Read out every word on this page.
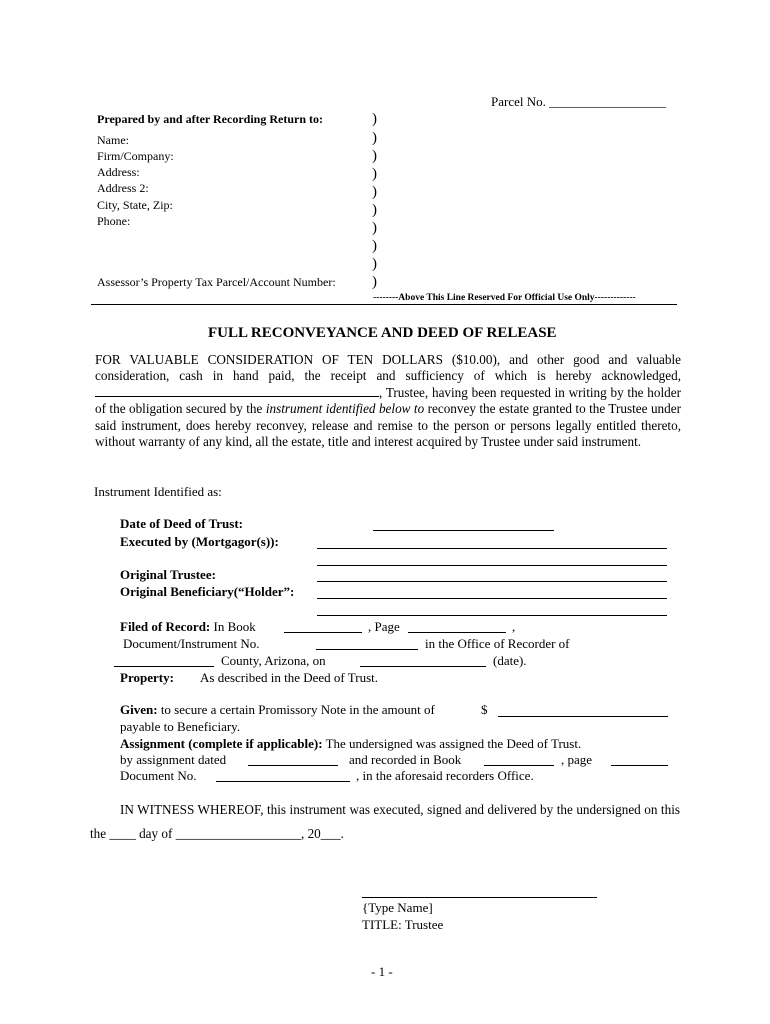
Parcel No. __________________
Prepared by and after Recording Return to:
Name:
Firm/Company:
Address:
Address 2:
City, State, Zip:
Phone:
Assessor’s Property Tax Parcel/Account Number:
)
)
)
)
)
)
)
)
)
)
--------Above This Line Reserved For Official Use Only-------------
FULL RECONVEYANCE AND DEED OF RELEASE
FOR VALUABLE CONSIDERATION OF TEN DOLLARS ($10.00), and other good and valuable consideration, cash in hand paid, the receipt and sufficiency of which is hereby acknowledged, , Trustee, having been requested in writing by the holder of the obligation secured by the instrument identified below to reconvey the estate granted to the Trustee under said instrument, does hereby reconvey, release and remise to the person or persons legally entitled thereto, without warranty of any kind, all the estate, title and interest acquired by Trustee under said instrument.
Instrument Identified as:
Date of Deed of Trust:
Executed by (Mortgagor(s)):
Original Trustee:
Original Beneficiary(“Holder”:
Filed of Record: In Book	, Page	,
Document/Instrument No.	in the Office of Recorder of
County, Arizona, on	(date).
Property: As described in the Deed of Trust.
Given: to secure a certain Promissory Note in the amount of	$
payable to Beneficiary.
Assignment (complete if applicable): The undersigned was assigned the Deed of Trust.
by assignment dated	and recorded in Book	, page
Document No.	, in the aforesaid recorders Office.
IN WITNESS WHEREOF, this instrument was executed, signed and delivered by the undersigned on this the ____ day of ___________________, 20___.
{Type Name]
TITLE: Trustee
- 1 -
